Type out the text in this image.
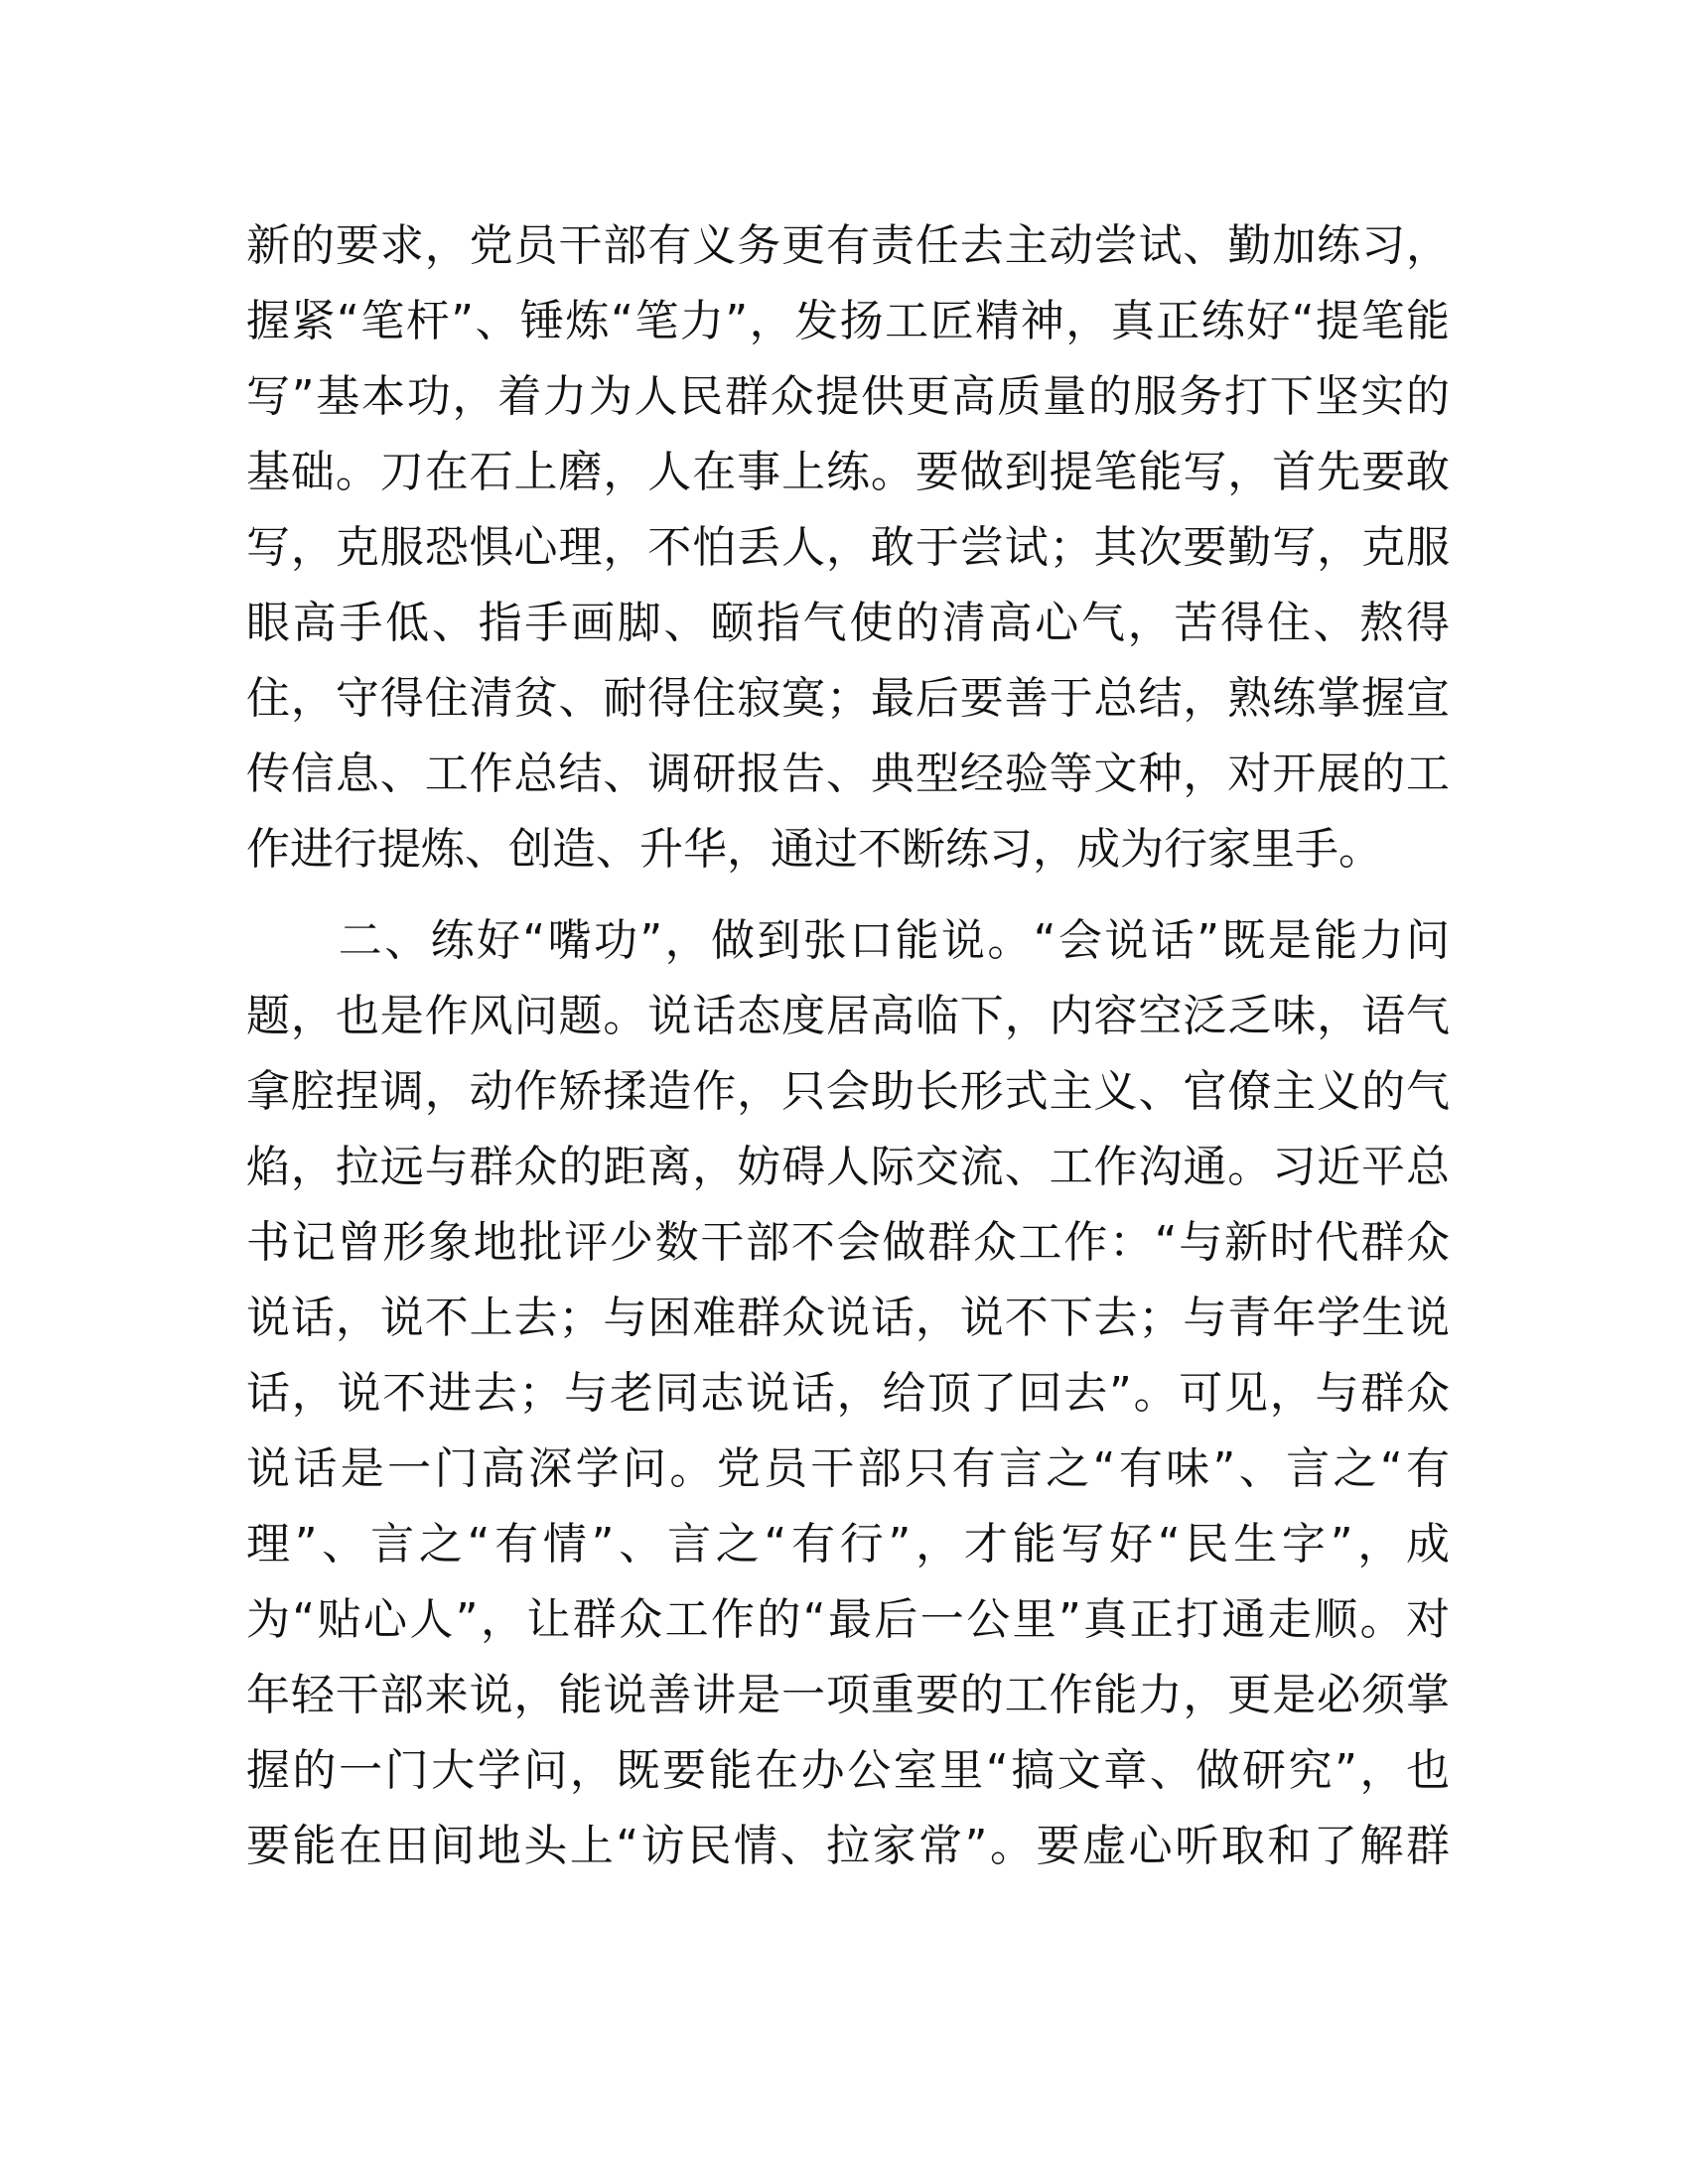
新的要求，党员干部有义务更有责任去主动尝试、勤加练习，
握紧“笔杆”、锤炼“笔力”，发扬工匠精神，真正练好“提笔能
写”基本功，着力为人民群众提供更高质量的服务打下坚实的
基础。刀在石上磨，人在事上练。要做到提笔能写，首先要敢
写，克服恐惧心理，不怕丢人，敢于尝试；其次要勤写，克服
眼高手低、指手画脚、颐指气使的清高心气，苦得住、熬得
住，守得住清贫、耐得住寂寞；最后要善于总结，熟练掌握宣
传信息、工作总结、调研报告、典型经验等文种，对开展的工
作进行提炼、创造、升华，通过不断练习，成为行家里手。
　　二、练好“嘴功”，做到张口能说。“会说话”既是能力问
题，也是作风问题。说话态度居高临下，内容空泛乏味，语气
拿腔捏调，动作矫揉造作，只会助长形式主义、官僚主义的气
焰，拉远与群众的距离，妨碍人际交流、工作沟通。习近平总
书记曾形象地批评少数干部不会做群众工作：“与新时代群众
说话，说不上去；与困难群众说话，说不下去；与青年学生说
话，说不进去；与老同志说话，给顶了回去”。可见，与群众
说话是一门高深学问。党员干部只有言之“有味”、言之“有
理”、言之“有情”、言之“有行”，才能写好“民生字”，成
为“贴心人”，让群众工作的“最后一公里”真正打通走顺。对
年轻干部来说，能说善讲是一项重要的工作能力，更是必须掌
握的一门大学问，既要能在办公室里“搞文章、做研究”，也
要能在田间地头上“访民情、拉家常”。要虚心听取和了解群
